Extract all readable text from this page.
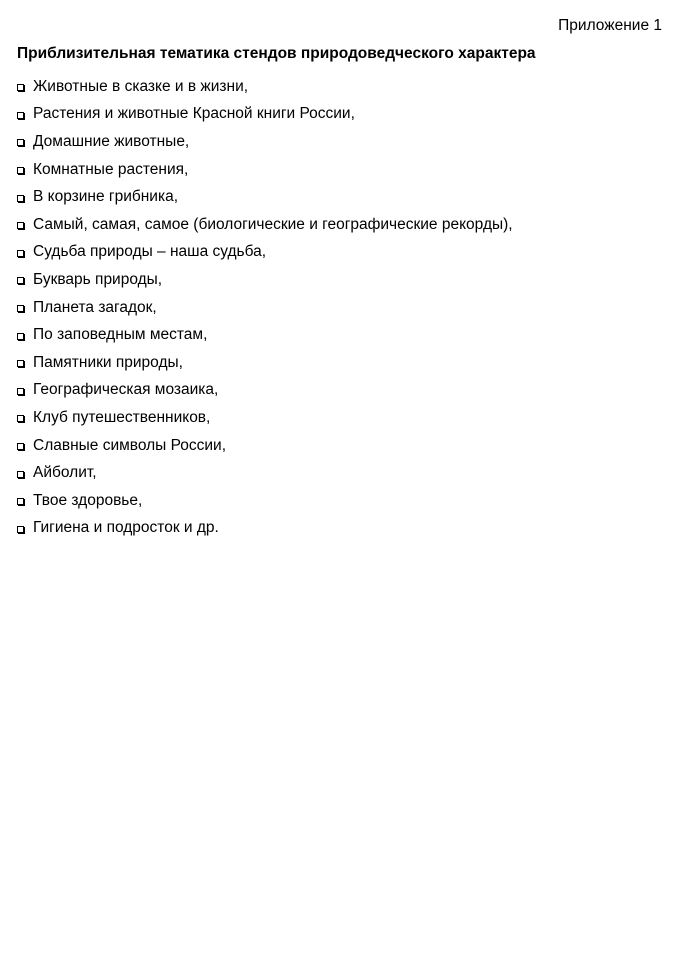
Приложение 1
Приблизительная тематика стендов природоведческого характера
Животные в сказке и в жизни,
Растения и животные Красной книги России,
Домашние животные,
Комнатные растения,
В корзине грибника,
Самый, самая, самое (биологические и географические рекорды),
Судьба природы – наша судьба,
Букварь природы,
Планета загадок,
По заповедным местам,
Памятники природы,
Географическая мозаика,
Клуб путешественников,
Славные символы России,
Айболит,
Твое здоровье,
Гигиена и подросток и др.
